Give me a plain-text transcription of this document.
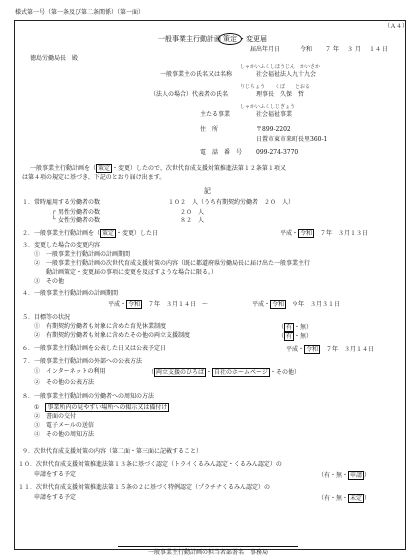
様式第一号（第一条及び第二条関係）（第一面）
（Ａ４）
一般事業主行動計画 策定 ・変更届
届出年月日	令和 ７ 年 ３ 月 １４ 日
徳島労働局長　殿
しゃかいふくしほうじん　かいさか
一般事業主の氏名又は名称	社会福祉法人九十九会
りじちょう　　くぼ　　とおる
（法人の場合）代表者の氏名	理事長　久保　哲
しゃかいふくしじぎょう
主たる事業	社会福祉事業
住　所	〒899-2202
日置市東市来町長里360-1
電　話　番　号 099-274-3770
一般事業主行動計画を（ 策定 ・変更）したので、次世代育成支援対策推進法第１２条第１項又
は第４項の規定に基づき、下記のとおり届け出ます。
記
１．常時雇用する労働者の数	１０２　人（うち有期契約労働者　２０　人）
┌
└
男性労働者の数	２０　人
女性労働者の数	８２　人
２．一般事業主行動計画を（ 策定 ・変更）した日	平成・ 令和　 ７年　３月１３日
３．変更した場合の変更内容
①　一般事業主行動計画の計画期間
②　一般事業主行動計画の次世代育成支援対策の内容（既に都道府県労働局長に届け出た一般事業主行
動計画策定・変更届の事項に変更を及ぼすような場合に限る。）
③　その他
４．一般事業主行動計画の計画期間
平成・ 令和　 ７年　３月１４日　～	平成・ 令和　 ９年　３月３１日
５．目標等の状況
①　有期契約労働者も対象に含めた育児休業制度	（ 有 ・無）
②　有期契約労働者も対象に含めたその他の両立支援制度	（ 有 ・無）
６．一般事業主行動計画を公表した日又は公表予定日	平成・ 令和　 ７年　３月１４日
７．一般事業主行動計画の外部への公表方法
①　インターネットの利用	（ 両立支援のひろば ・ 自社のホームページ ・その他）
②　その他の公表方法
８．一般事業主行動計画の労働者への周知の方法
①　事業所内の見やすい場所への掲示又は備付け
②　書面の交付
③　電子メールの送信
④　その他の周知方法
９．次世代育成支援対策の内容（第二面・第三面に記載すること）
１０．次世代育成支援対策推進法第１３条に基づく認定（トライくるみん認定・くるみん認定）の
申請をする予定	（有・無・ 申請 ）
１１．次世代育成支援対策推進法第１５条の２に基づく特例認定（プラチナくるみん認定）の
申請をする予定	（有・無・ 未定 ）
一般事業主行動計画の担当者部署名　事務局
